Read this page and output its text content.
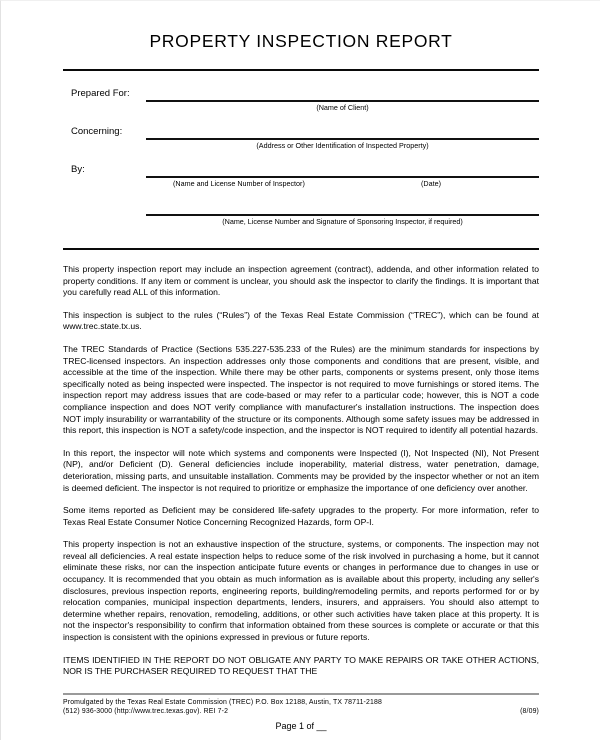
PROPERTY INSPECTION REPORT
Prepared For:
(Name of Client)
Concerning:
(Address or Other Identification of Inspected Property)
By:
(Name and License Number of Inspector)	(Date)
(Name, License Number and Signature of Sponsoring Inspector, if required)

This property inspection report may include an inspection agreement (contract), addenda, and other information related to property conditions. If any item or comment is unclear, you should ask the inspector to clarify the findings. It is important that you carefully read ALL of this information.

This inspection is subject to the rules (“Rules”) of the Texas Real Estate Commission (“TREC”), which can be found at www.trec.state.tx.us.

The TREC Standards of Practice (Sections 535.227-535.233 of the Rules) are the minimum standards for inspections by TREC-licensed inspectors. An inspection addresses only those components and conditions that are present, visible, and accessible at the time of the inspection. While there may be other parts, components or systems present, only those items specifically noted as being inspected were inspected. The inspector is not required to move furnishings or stored items. The inspection report may address issues that are code-based or may refer to a particular code; however, this is NOT a code compliance inspection and does NOT verify compliance with manufacturer's installation instructions. The inspection does NOT imply insurability or warrantability of the structure or its components. Although some safety issues may be addressed in this report, this inspection is NOT a safety/code inspection, and the inspector is NOT required to identify all potential hazards.

In this report, the inspector will note which systems and components were Inspected (I), Not Inspected (NI), Not Present (NP), and/or Deficient (D). General deficiencies include inoperability, material distress, water penetration, damage, deterioration, missing parts, and unsuitable installation. Comments may be provided by the inspector whether or not an item is deemed deficient. The inspector is not required to prioritize or emphasize the importance of one deficiency over another.

Some items reported as Deficient may be considered life-safety upgrades to the property. For more information, refer to Texas Real Estate Consumer Notice Concerning Recognized Hazards, form OP-I.

This property inspection is not an exhaustive inspection of the structure, systems, or components. The inspection may not reveal all deficiencies. A real estate inspection helps to reduce some of the risk involved in purchasing a home, but it cannot eliminate these risks, nor can the inspection anticipate future events or changes in performance due to changes in use or occupancy. It is recommended that you obtain as much information as is available about this property, including any seller's disclosures, previous inspection reports, engineering reports, building/remodeling permits, and reports performed for or by relocation companies, municipal inspection departments, lenders, insurers, and appraisers. You should also attempt to determine whether repairs, renovation, remodeling, additions, or other such activities have taken place at this property. It is not the inspector's responsibility to confirm that information obtained from these sources is complete or accurate or that this inspection is consistent with the opinions expressed in previous or future reports.

ITEMS IDENTIFIED IN THE REPORT DO NOT OBLIGATE ANY PARTY TO MAKE REPAIRS OR TAKE OTHER ACTIONS, NOR IS THE PURCHASER REQUIRED TO REQUEST THAT THE

Promulgated by the Texas Real Estate Commission (TREC) P.O. Box 12188, Austin, TX 78711-2188
(512) 936-3000 (http://www.trec.texas.gov). REI 7-2	(8/09)
Page 1 of __
